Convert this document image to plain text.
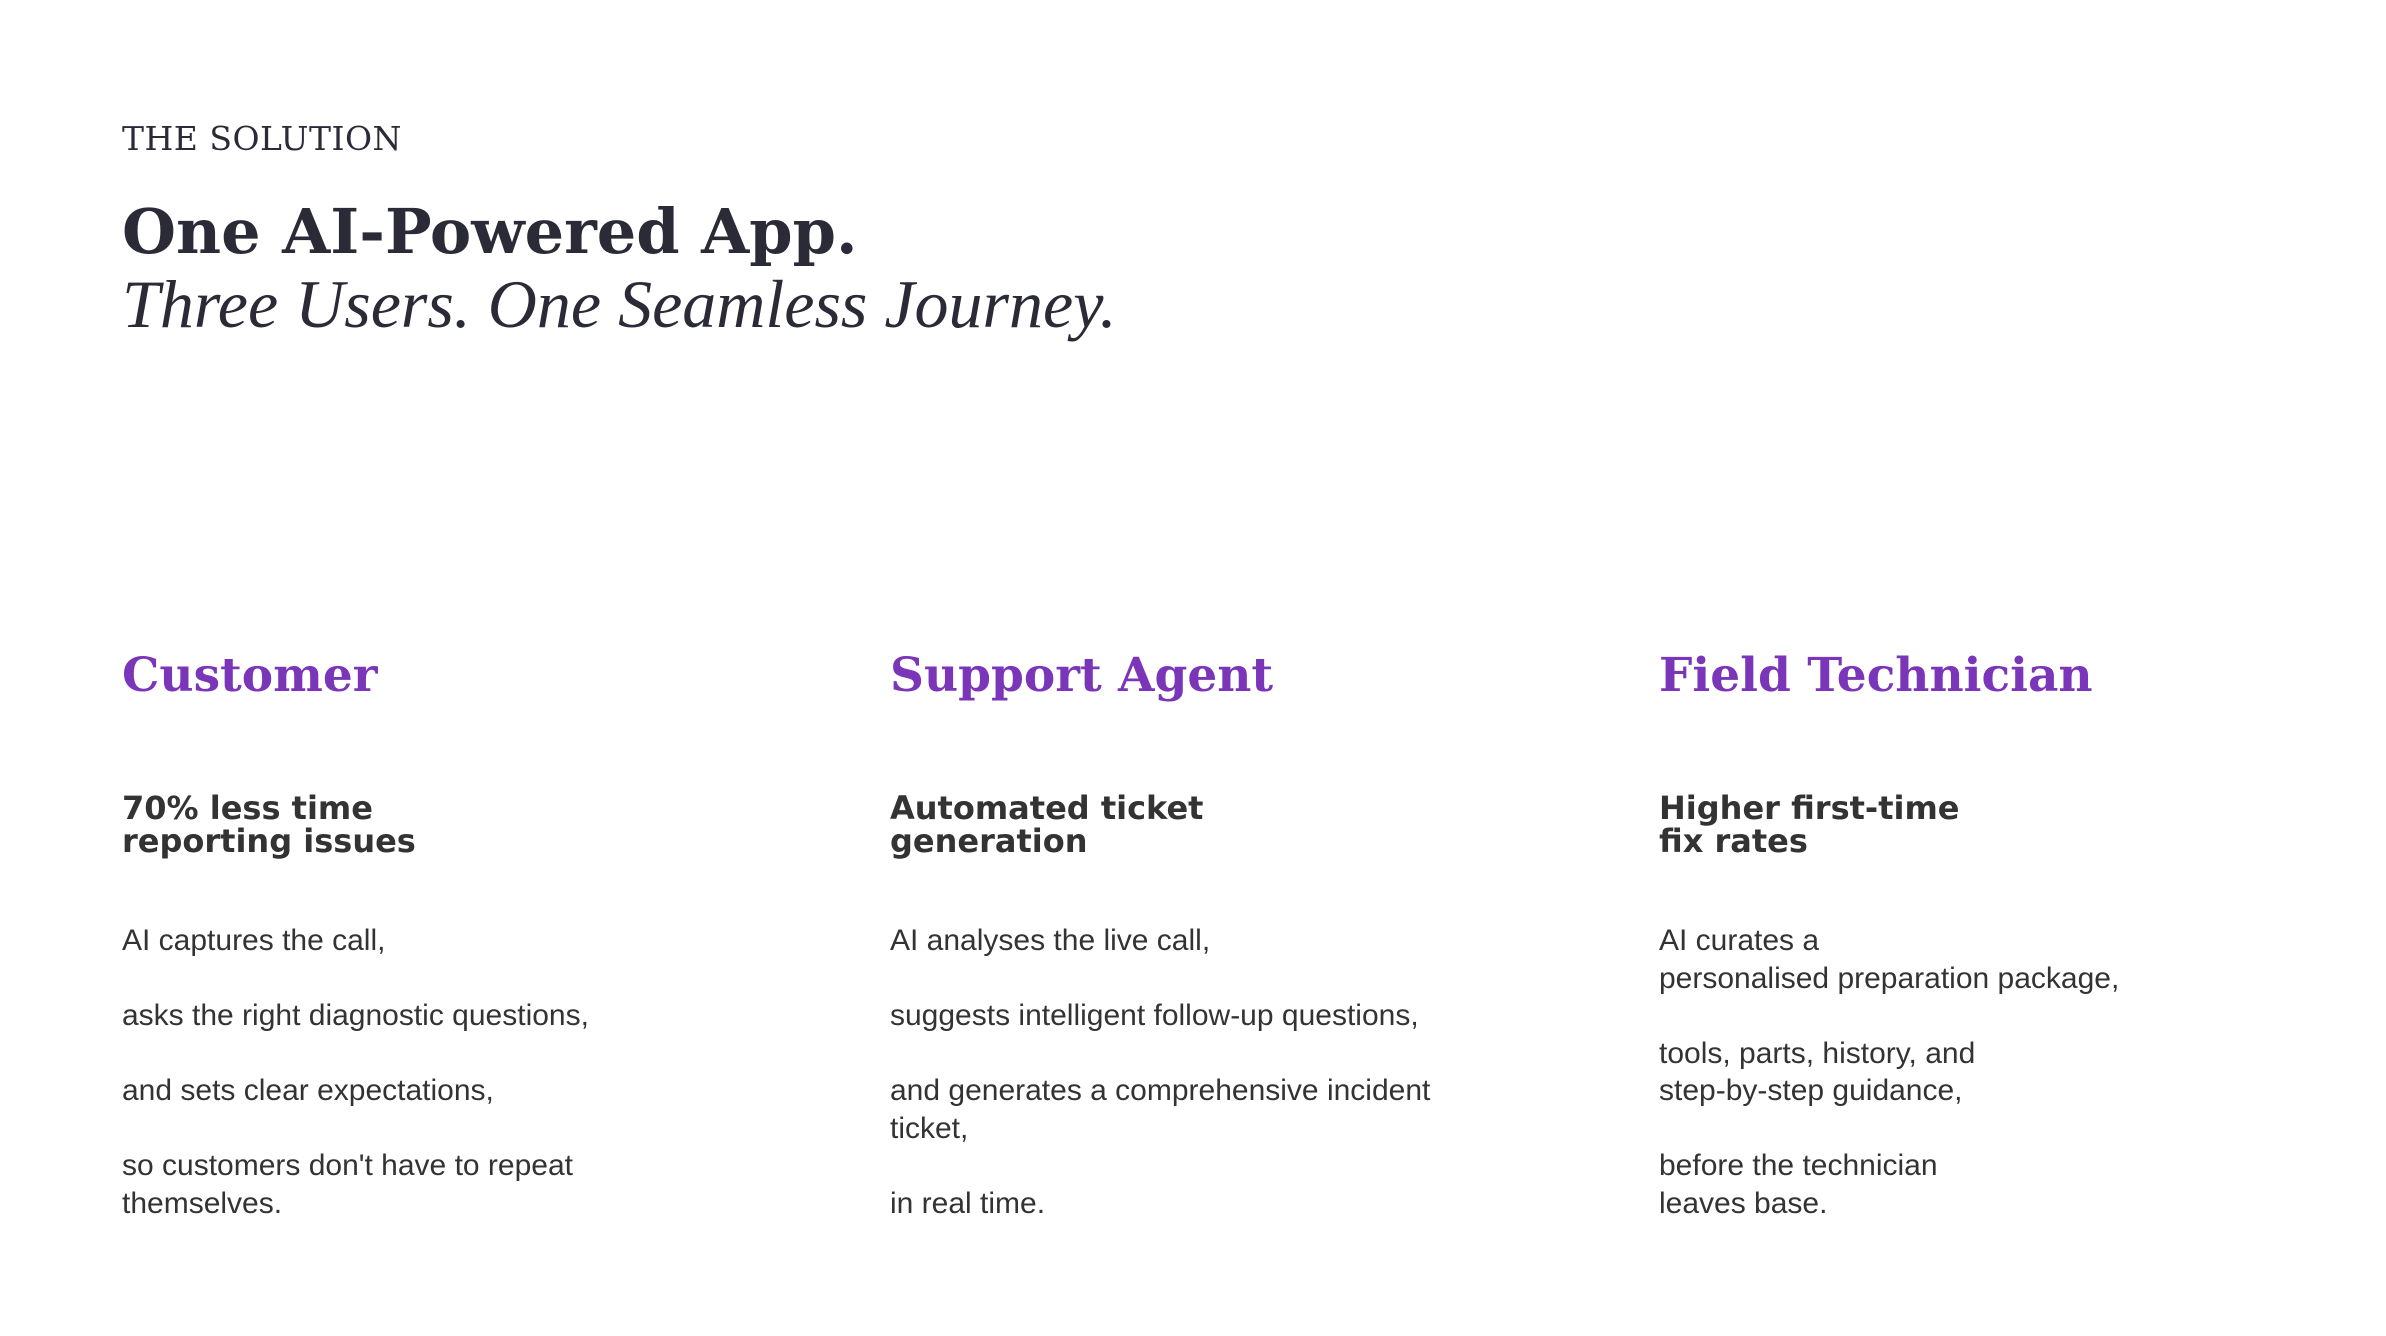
THE SOLUTION
One AI-Powered App.
Three Users. One Seamless Journey.
Customer
70% less time
reporting issues

AI captures the call,

asks the right diagnostic questions,

and sets clear expectations,

so customers don't have to repeat
themselves.

Support Agent
Automated ticket
generation

AI analyses the live call,

suggests intelligent follow-up questions,

and generates a comprehensive incident
ticket,

in real time.

Field Technician
Higher first-time
fix rates

AI curates a
personalised preparation package,

tools, parts, history, and
step-by-step guidance,

before the technician
leaves base.
